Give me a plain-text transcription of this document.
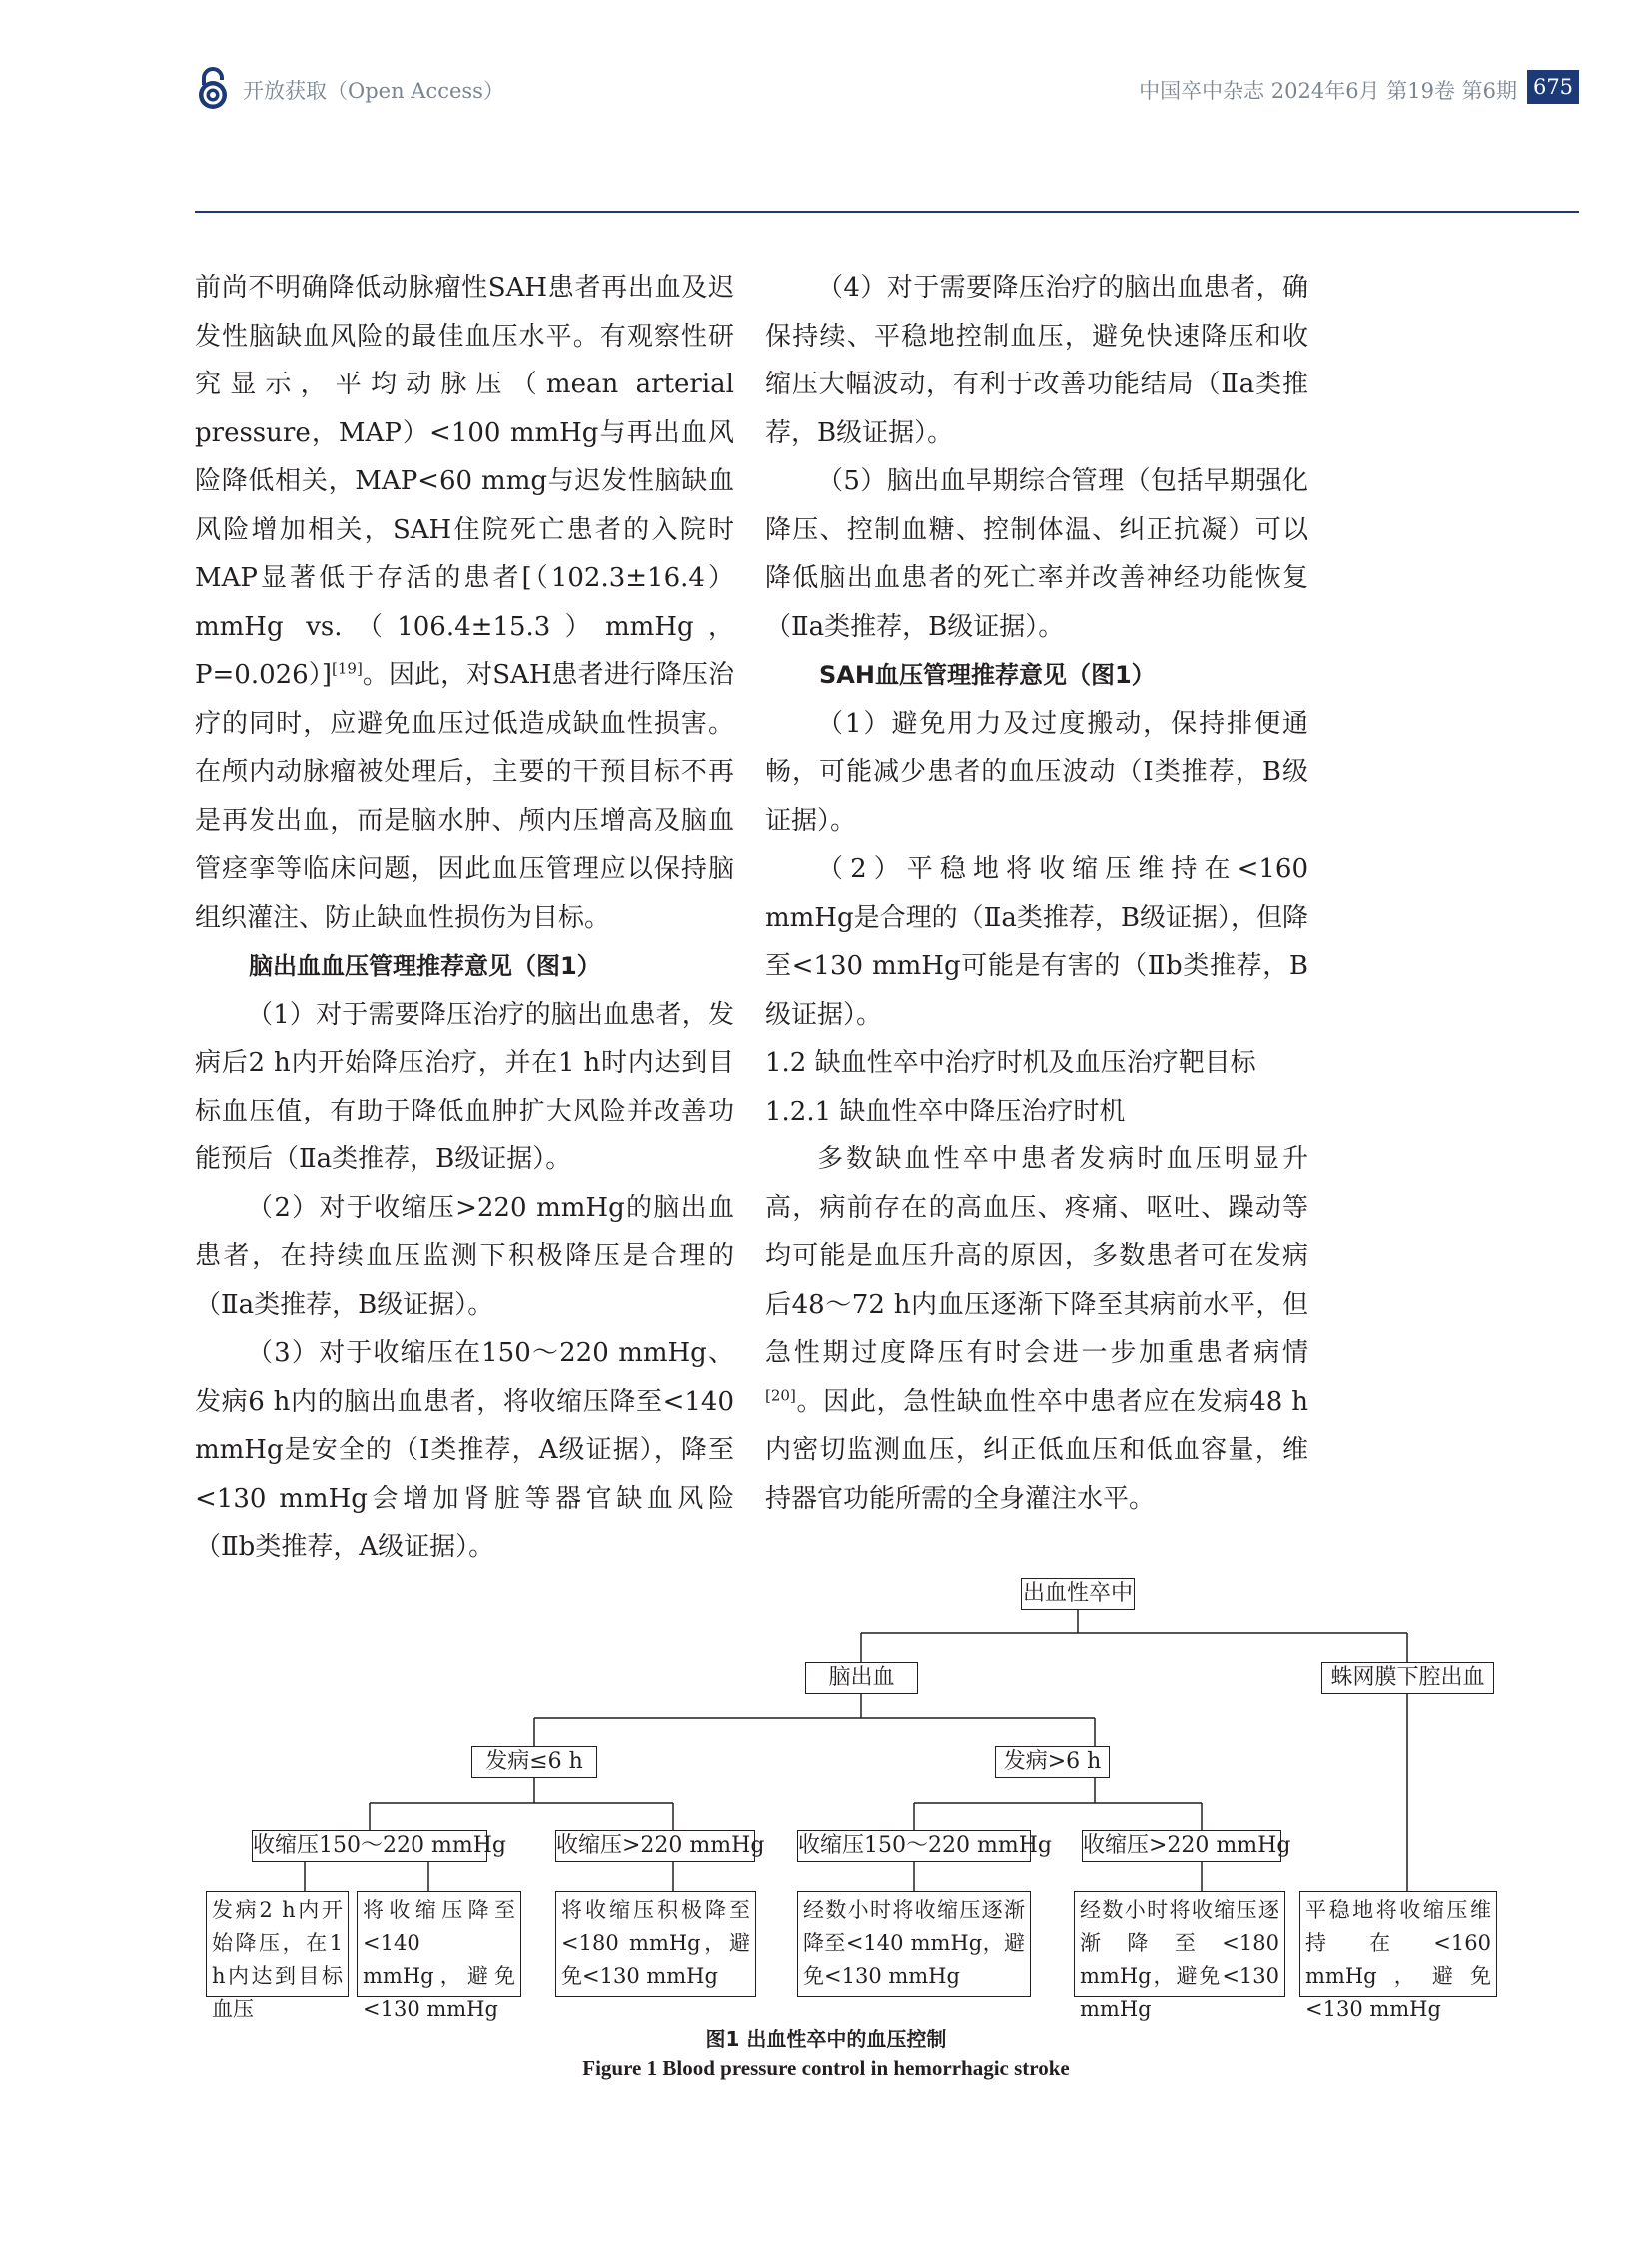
开放获取（Open Access）	中国卒中杂志 2024年6月 第19卷 第6期 675

前尚不明确降低动脉瘤性SAH患者再出血及迟发性脑缺血风险的最佳血压水平。有观察性研究显示，平均动脉压（mean arterial pressure，MAP）<100 mmHg与再出血风险降低相关，MAP<60 mmg与迟发性脑缺血风险增加相关，SAH住院死亡患者的入院时MAP显著低于存活的患者[（102.3±16.4）mmHg vs.（106.4±15.3）mmHg，P=0.026）][19]。因此，对SAH患者进行降压治疗的同时，应避免血压过低造成缺血性损害。在颅内动脉瘤被处理后，主要的干预目标不再是再发出血，而是脑水肿、颅内压增高及脑血管痉挛等临床问题，因此血压管理应以保持脑组织灌注、防止缺血性损伤为目标。

脑出血血压管理推荐意见（图1）

（1）对于需要降压治疗的脑出血患者，发病后2 h内开始降压治疗，并在1 h时内达到目标血压值，有助于降低血肿扩大风险并改善功能预后（Ⅱa类推荐，B级证据）。

（2）对于收缩压>220 mmHg的脑出血患者，在持续血压监测下积极降压是合理的（Ⅱa类推荐，B级证据）。

（3）对于收缩压在150～220 mmHg、发病6 h内的脑出血患者，将收缩压降至<140 mmHg是安全的（Ⅰ类推荐，A级证据），降至<130 mmHg会增加肾脏等器官缺血风险（Ⅱb类推荐，A级证据）。

（4）对于需要降压治疗的脑出血患者，确保持续、平稳地控制血压，避免快速降压和收缩压大幅波动，有利于改善功能结局（Ⅱa类推荐，B级证据）。

（5）脑出血早期综合管理（包括早期强化降压、控制血糖、控制体温、纠正抗凝）可以降低脑出血患者的死亡率并改善神经功能恢复（Ⅱa类推荐，B级证据）。

SAH血压管理推荐意见（图1）

（1）避免用力及过度搬动，保持排便通畅，可能减少患者的血压波动（Ⅰ类推荐，B级证据）。

（2）平稳地将收缩压维持在<160 mmHg是合理的（Ⅱa类推荐，B级证据），但降至<130 mmHg可能是有害的（Ⅱb类推荐，B级证据）。

1.2 缺血性卒中治疗时机及血压治疗靶目标
1.2.1 缺血性卒中降压治疗时机

多数缺血性卒中患者发病时血压明显升高，病前存在的高血压、疼痛、呕吐、躁动等均可能是血压升高的原因，多数患者可在发病后48～72 h内血压逐渐下降至其病前水平，但急性期过度降压有时会进一步加重患者病情[20]。因此，急性缺血性卒中患者应在发病48 h内密切监测血压，纠正低血压和低血容量，维持器官功能所需的全身灌注水平。

出血性卒中
脑出血	蛛网膜下腔出血
发病≤6 h	发病>6 h
收缩压150～220 mmHg 收缩压>220 mmHg 收缩压150～220 mmHg 收缩压>220 mmHg
发病2 h内开始降压，在1 h内达到目标血压
将收缩压降至<140 mmHg，避免<130 mmHg
将收缩压积极降至<180 mmHg，避免<130 mmHg
经数小时将收缩压逐渐降至<140 mmHg，避免<130 mmHg
经数小时将收缩压逐渐降至<180 mmHg，避免<130 mmHg
平稳地将收缩压维持在<160 mmHg，避免<130 mmHg
图1 出血性卒中的血压控制
Figure 1 Blood pressure control in hemorrhagic stroke
